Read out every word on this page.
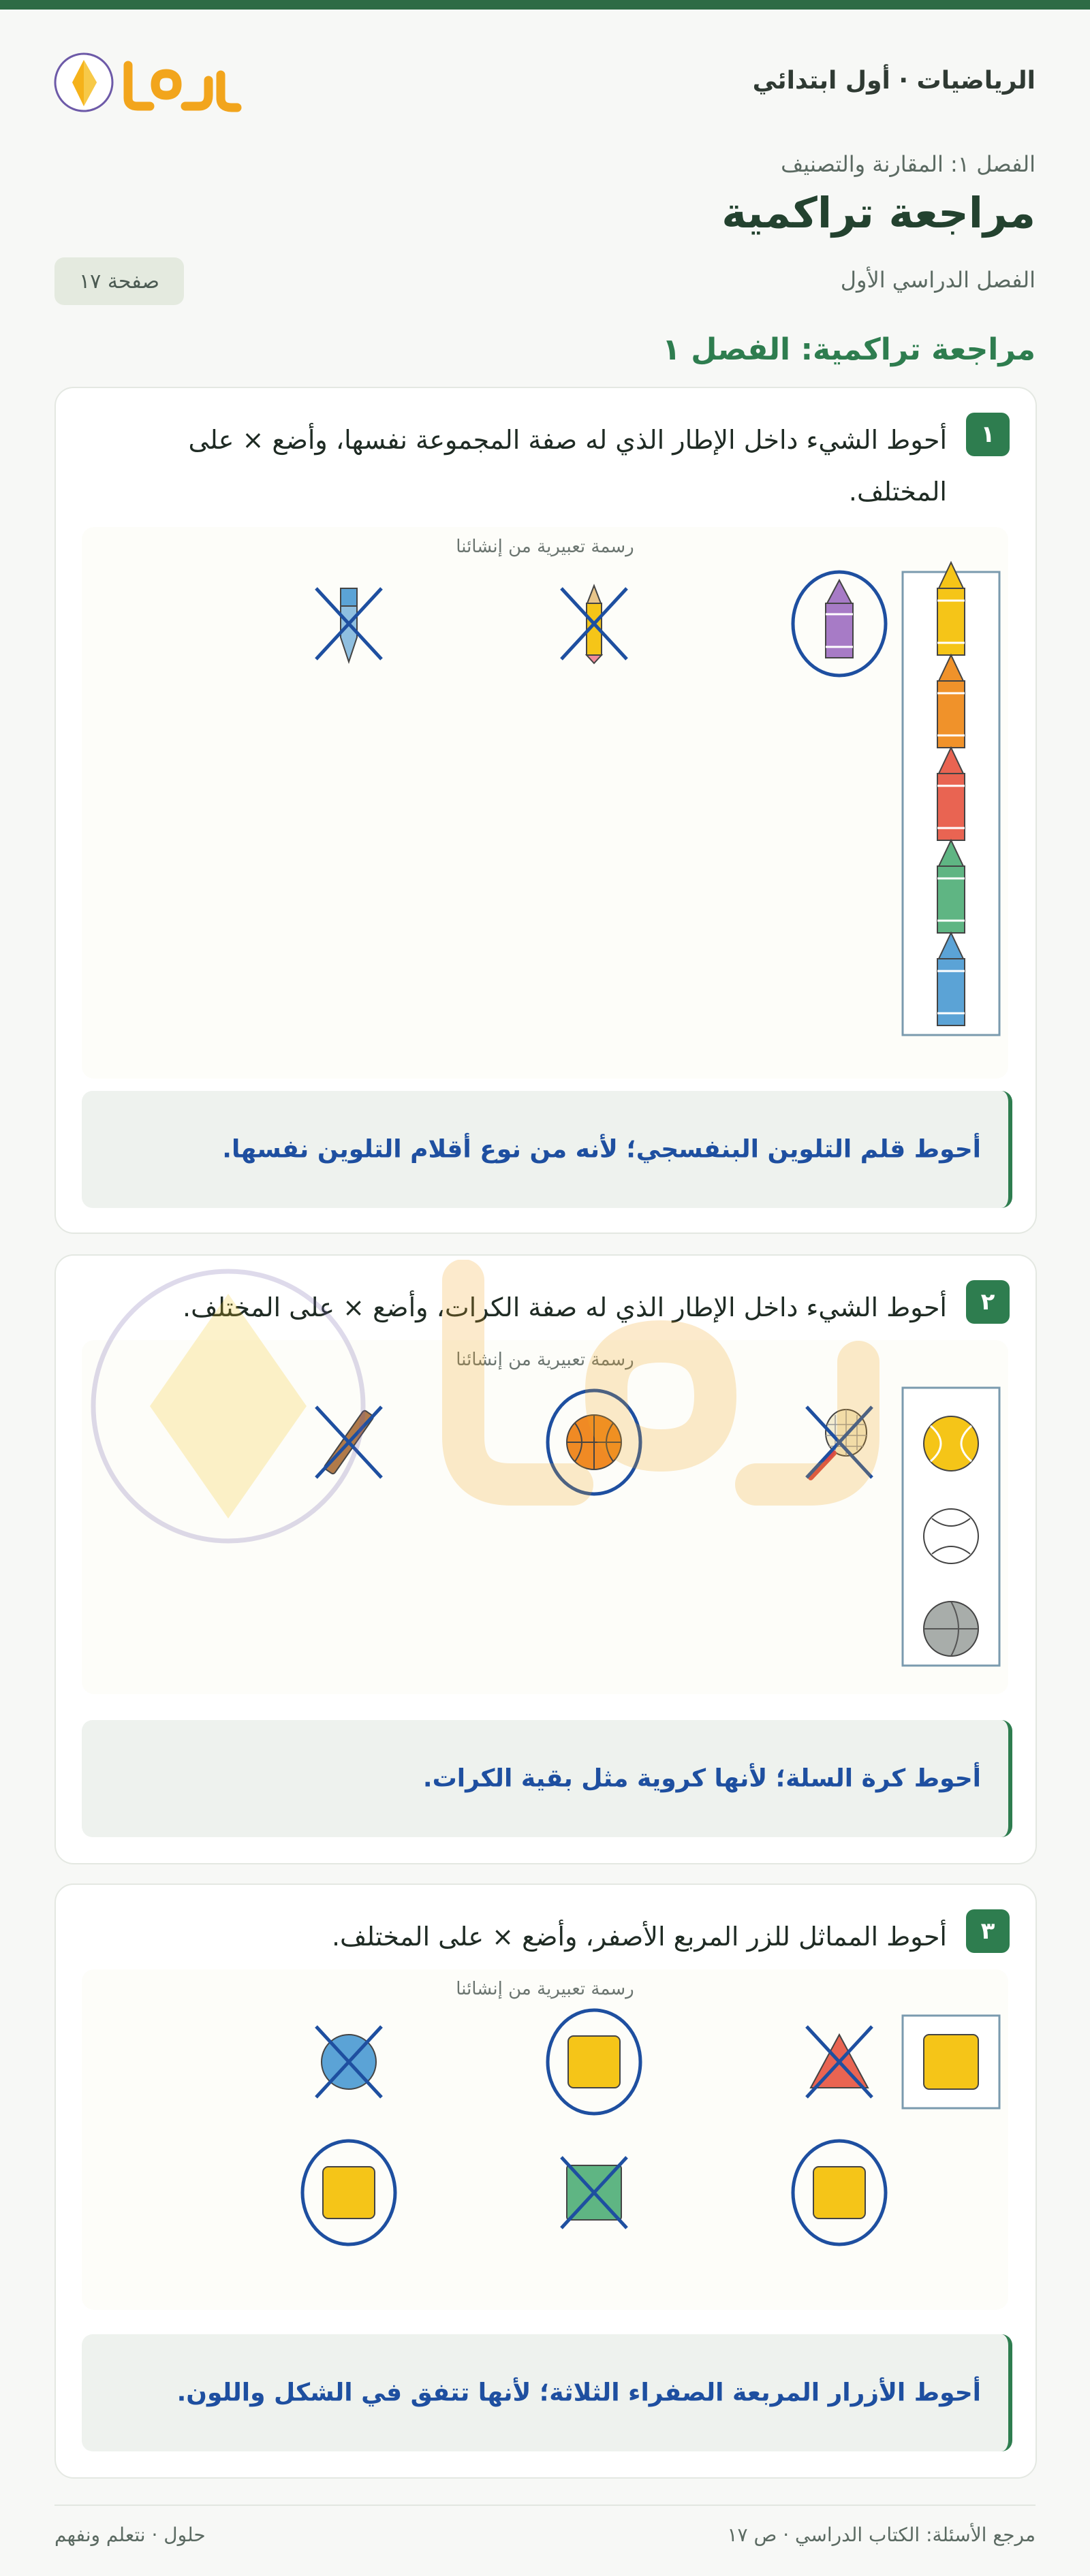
الرياضيات · أول ابتدائي
الفصل ١: المقارنة والتصنيف
مراجعة تراكمية
الفصل الدراسي الأول
صفحة ١٧
مراجعة تراكمية: الفصل ١
١
أحوط الشيء داخل الإطار الذي له صفة المجموعة نفسها، وأضع × على المختلف.
رسمة تعبيرية من إنشائنا
أحوط قلم التلوين البنفسجي؛ لأنه من نوع أقلام التلوين نفسها.
٢
أحوط الشيء داخل الإطار الذي له صفة الكرات، وأضع × على المختلف.
رسمة تعبيرية من إنشائنا
أحوط كرة السلة؛ لأنها كروية مثل بقية الكرات.
٣
أحوط المماثل للزر المربع الأصفر، وأضع × على المختلف.
رسمة تعبيرية من إنشائنا
أحوط الأزرار المربعة الصفراء الثلاثة؛ لأنها تتفق في الشكل واللون.
مرجع الأسئلة: الكتاب الدراسي · ص ١٧
حلول · نتعلم ونفهم
